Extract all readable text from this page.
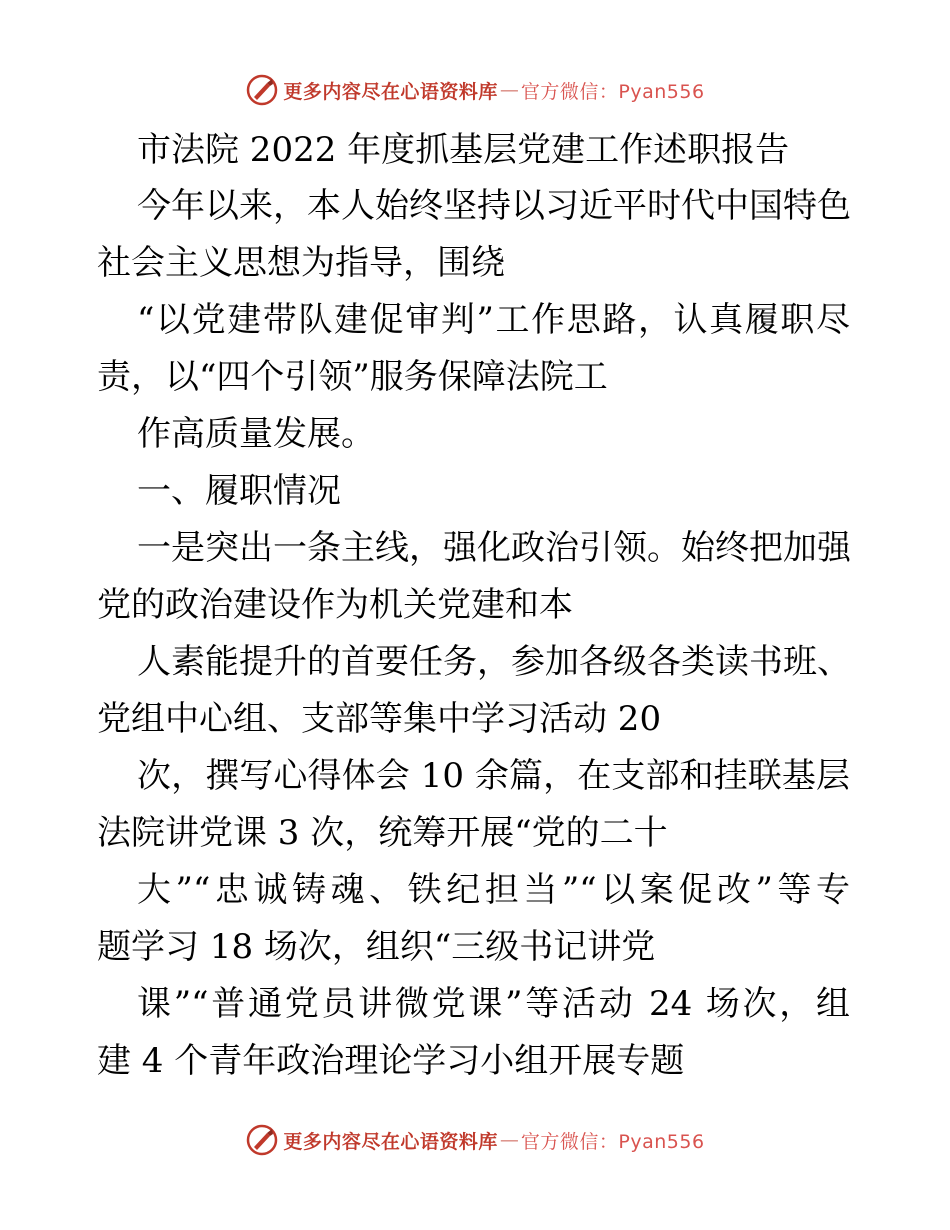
更多内容尽在心语资料库 — 官方微信：Pyan556
市法院 2022 年度抓基层党建工作述职报告
今年以来，本人始终坚持以习近平时代中国特色
社会主义思想为指导，围绕
“以党建带队建促审判”工作思路，认真履职尽
责，以“四个引领”服务保障法院工
作高质量发展。
一、履职情况
一是突出一条主线，强化政治引领。始终把加强
党的政治建设作为机关党建和本
人素能提升的首要任务，参加各级各类读书班、
党组中心组、支部等集中学习活动 20
次，撰写心得体会 10 余篇，在支部和挂联基层
法院讲党课 3 次，统筹开展“党的二十
大”“忠诚铸魂、铁纪担当”“以案促改”等专
题学习 18 场次，组织“三级书记讲党
课”“普通党员讲微党课”等活动 24 场次，组
建 4 个青年政治理论学习小组开展专题
更多内容尽在心语资料库 — 官方微信：Pyan556
